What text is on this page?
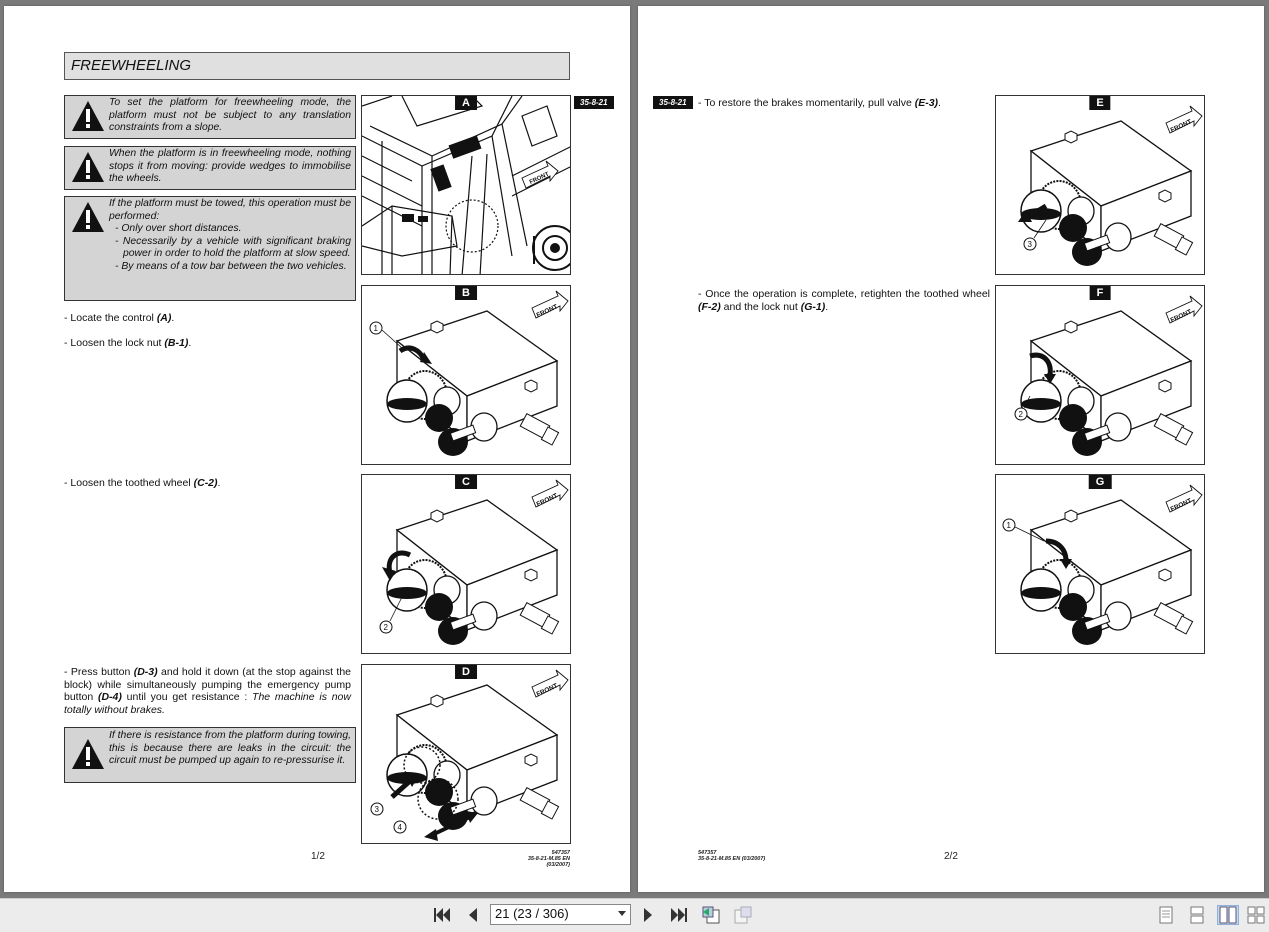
FREEWHEELING
To set the platform for freewheeling mode, the platform must not be subject to any translation constraints from a slope.
When the platform is in freewheeling mode, nothing stops it from moving: provide wedges to immobilise the wheels.
If the platform must be towed, this operation must be performed:
- Only over short distances.
- Necessarily by a vehicle with significant braking power in order to hold the platform at slow speed.
- By means of a tow bar between the two vehicles.
- Locate the control (A).
- Loosen the lock nut (B-1).
- Loosen the toothed wheel (C-2).
- Press button (D-3) and hold it down (at the stop against the block) while simultaneously pumping the emergency pump button (D-4) until you get resistance : The machine is now totally without brakes.
If there is resistance from the platform during towing, this is because there are leaks in the circuit: the circuit must be pumped up again to re-pressurise it.
FRONT
A
FRONT
1
B
FRONT
2
C
FRONT
3
4
D
35-8-21
1/2	547357
35-8-21-M.85 EN (03/2007)
35-8-21	- To restore the brakes momentarily, pull valve (E-3).
- Once the operation is complete, retighten the toothed wheel (F-2) and the lock nut (G-1).
FRONT
3
E
FRONT
2
F
FRONT
1
G
547357
35-8-21-M.85 EN (03/2007)	2/2
21 (23 / 306)
